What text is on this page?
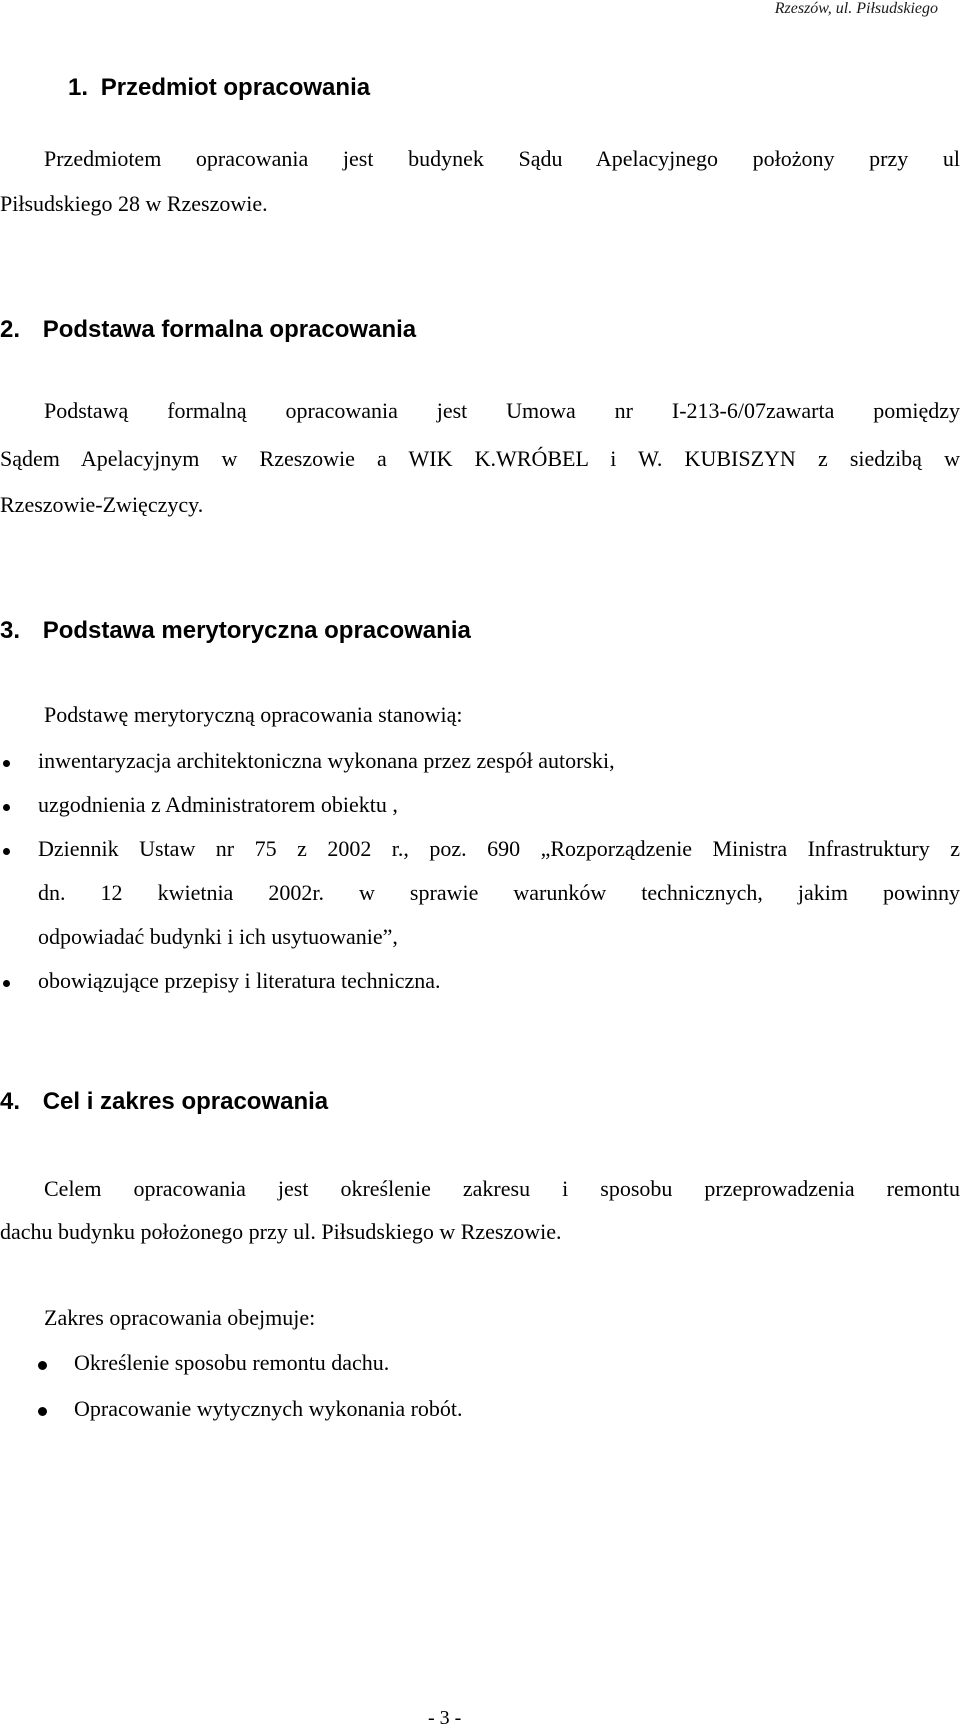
Rzeszów, ul. Piłsudskiego
1. Przedmiot opracowania
Przedmiotem opracowania jest budynek Sądu Apelacyjnego położony przy ul
Piłsudskiego 28 w Rzeszowie.
2. Podstawa formalna opracowania
Podstawą formalną opracowania jest Umowa nr I-213-6/07zawarta pomiędzy
Sądem Apelacyjnym w Rzeszowie a WIK K.WRÓBEL i W. KUBISZYN z siedzibą w
Rzeszowie-Zwięczycy.
3. Podstawa merytoryczna opracowania
Podstawę merytoryczną opracowania stanowią:
inwentaryzacja architektoniczna wykonana przez zespół autorski,
uzgodnienia z Administratorem obiektu ,
Dziennik Ustaw nr 75 z 2002 r., poz. 690 „Rozporządzenie Ministra Infrastruktury z
dn. 12 kwietnia 2002r. w sprawie warunków technicznych, jakim powinny
odpowiadać budynki i ich usytuowanie”,
obowiązujące przepisy i literatura techniczna.
4. Cel i zakres opracowania
Celem opracowania jest określenie zakresu i sposobu przeprowadzenia remontu
dachu budynku położonego przy ul. Piłsudskiego w Rzeszowie.
Zakres opracowania obejmuje:
Określenie sposobu remontu dachu.
Opracowanie wytycznych wykonania robót.
- 3 -
